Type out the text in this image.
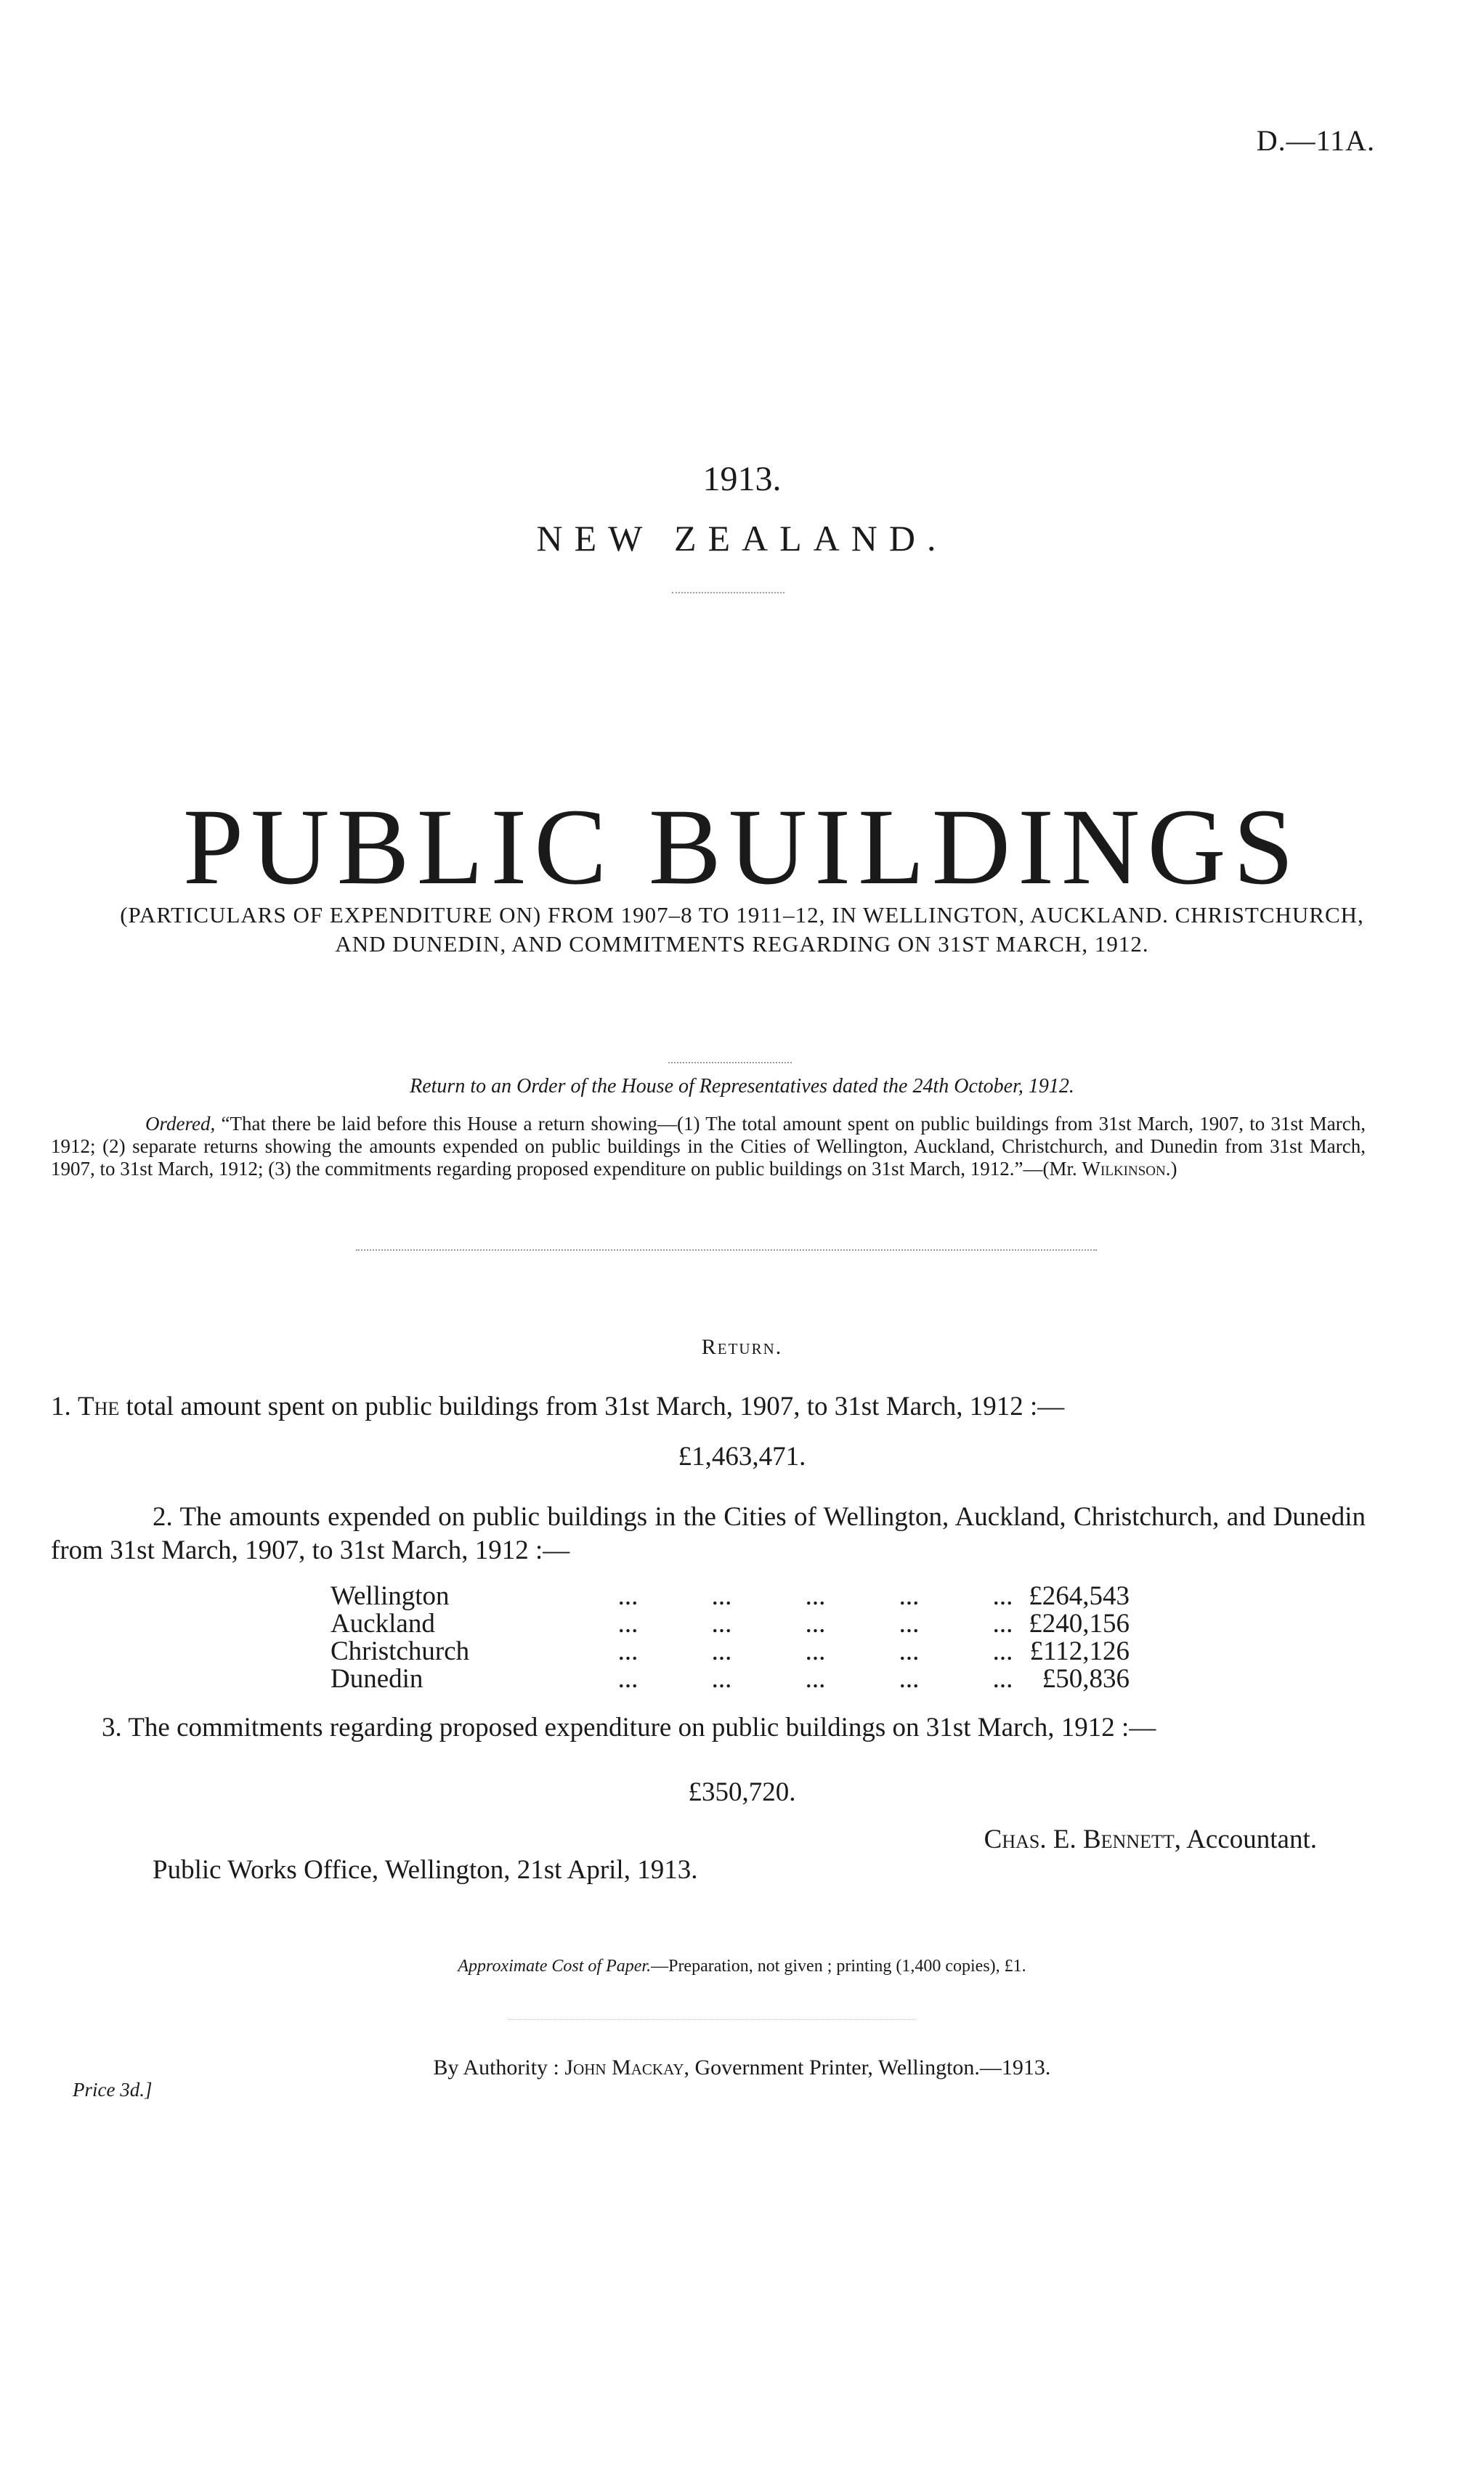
D.—11A.
1913.
NEW ZEALAND.
PUBLIC BUILDINGS
(PARTICULARS OF EXPENDITURE ON) FROM 1907–8 TO 1911–12, IN WELLINGTON, AUCKLAND. CHRISTCHURCH, AND DUNEDIN, AND COMMITMENTS REGARDING ON 31ST MARCH, 1912.
Return to an Order of the House of Representatives dated the 24th October, 1912.
Ordered, “That there be laid before this House a return showing—(1) The total amount spent on public buildings from 31st March, 1907, to 31st March, 1912; (2) separate returns showing the amounts expended on public buildings in the Cities of Wellington, Auckland, Christchurch, and Dunedin from 31st March, 1907, to 31st March, 1912; (3) the commitments regarding proposed expenditure on public buildings on 31st March, 1912.”—(Mr. Wilkinson.)
Return.
1. The total amount spent on public buildings from 31st March, 1907, to 31st March, 1912 :—
£1,463,471.
2. The amounts expended on public buildings in the Cities of Wellington, Auckland, Christchurch, and Dunedin from 31st March, 1907, to 31st March, 1912 :—
Wellington	...	...	...	...	... £264,543
Auckland	...	...	...	...	... £240,156
Christchurch	...	...	...	...	... £112,126
Dunedin	...	...	...	...	...	£50,836
3. The commitments regarding proposed expenditure on public buildings on 31st March, 1912 :—
£350,720.
Chas. E. Bennett, Accountant.
Public Works Office, Wellington, 21st April, 1913.
Approximate Cost of Paper.—Preparation, not given ; printing (1,400 copies), £1.
By Authority : John Mackay, Government Printer, Wellington.—1913.
Price 3d.]
